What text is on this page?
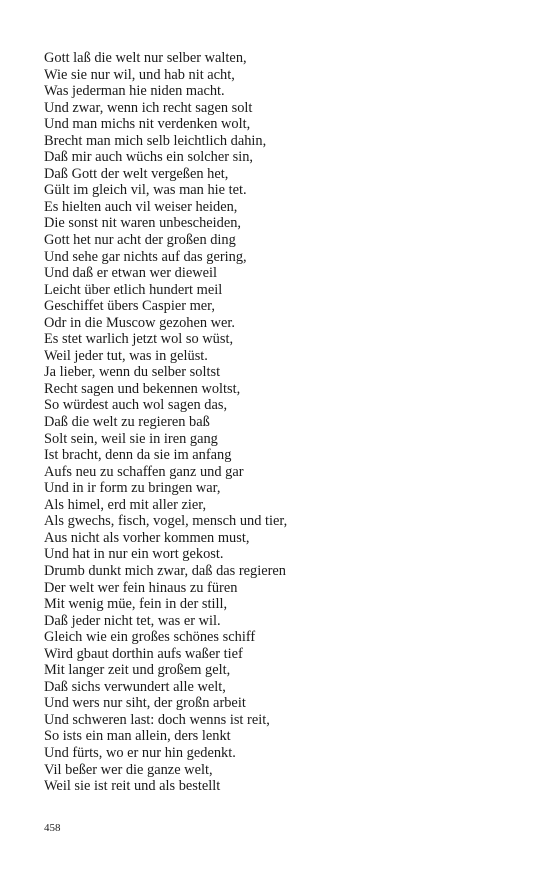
Gott laß die welt nur selber walten,
Wie sie nur wil, und hab nit acht,
Was jederman hie niden macht.
Und zwar, wenn ich recht sagen solt
Und man michs nit verdenken wolt,
Brecht man mich selb leichtlich dahin,
Daß mir auch wüchs ein solcher sin,
Daß Gott der welt vergeßen het,
Gült im gleich vil, was man hie tet.
Es hielten auch vil weiser heiden,
Die sonst nit waren unbescheiden,
Gott het nur acht der großen ding
Und sehe gar nichts auf das gering,
Und daß er etwan wer dieweil
Leicht über etlich hundert meil
Geschiffet übers Caspier mer,
Odr in die Muscow gezohen wer.
Es stet warlich jetzt wol so wüst,
Weil jeder tut, was in gelüst.
Ja lieber, wenn du selber soltst
Recht sagen und bekennen woltst,
So würdest auch wol sagen das,
Daß die welt zu regieren baß
Solt sein, weil sie in iren gang
Ist bracht, denn da sie im anfang
Aufs neu zu schaffen ganz und gar
Und in ir form zu bringen war,
Als himel, erd mit aller zier,
Als gwechs, fisch, vogel, mensch und tier,
Aus nicht als vorher kommen must,
Und hat in nur ein wort gekost.
Drumb dunkt mich zwar, daß das regieren
Der welt wer fein hinaus zu füren
Mit wenig müe, fein in der still,
Daß jeder nicht tet, was er wil.
Gleich wie ein großes schönes schiff
Wird gbaut dorthin aufs waßer tief
Mit langer zeit und großem gelt,
Daß sichs verwundert alle welt,
Und wers nur siht, der großn arbeit
Und schweren last: doch wenns ist reit,
So ists ein man allein, ders lenkt
Und fürts, wo er nur hin gedenkt.
Vil beßer wer die ganze welt,
Weil sie ist reit und als bestellt
458
